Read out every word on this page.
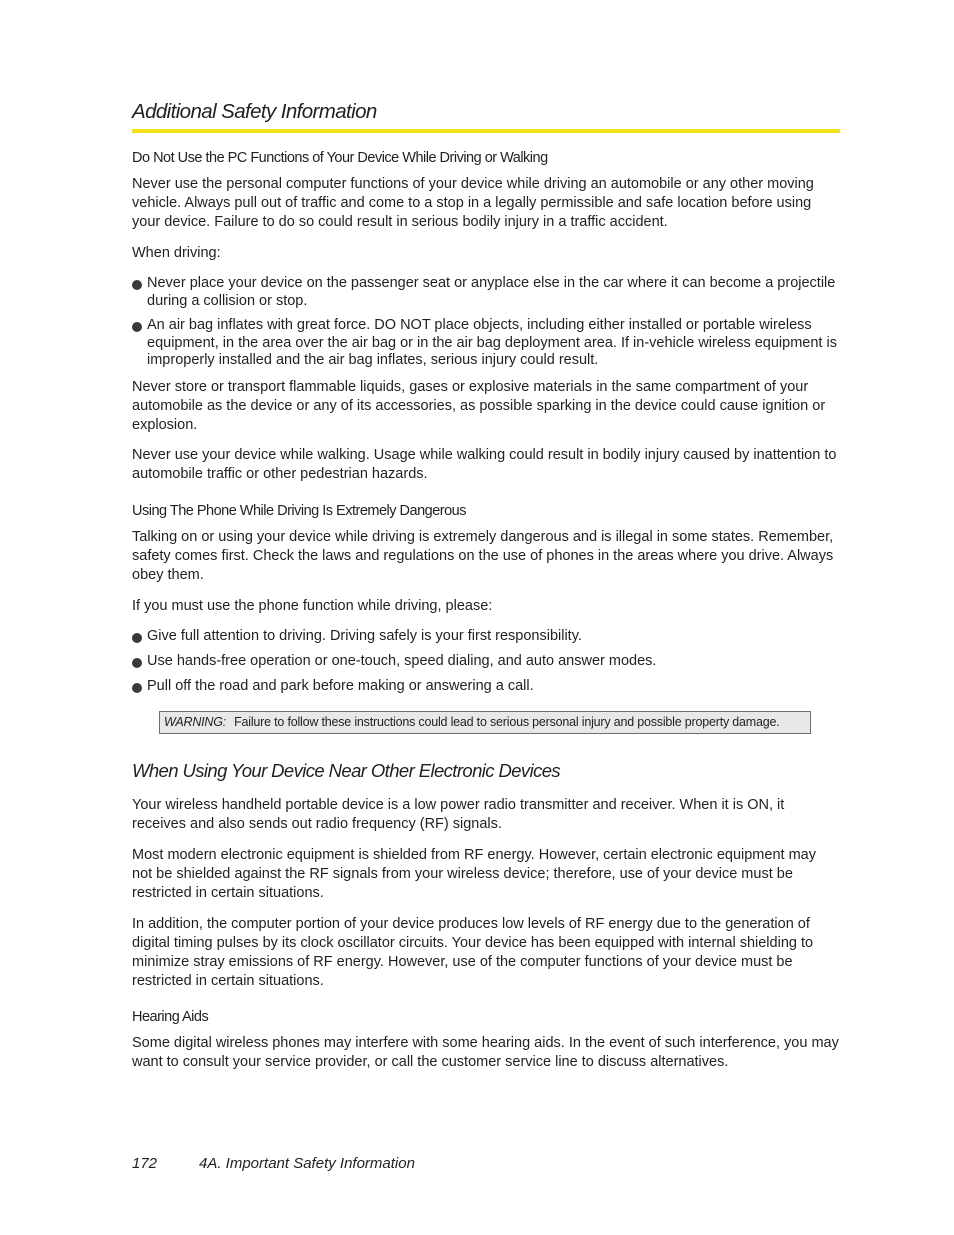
Additional Safety Information
Do Not Use the PC Functions of Your Device While Driving or Walking

Never use the personal computer functions of your device while driving an automobile or any other moving vehicle. Always pull out of traffic and come to a stop in a legally permissible and safe location before using your device. Failure to do so could result in serious bodily injury in a traffic accident.

When driving:

Never place your device on the passenger seat or anyplace else in the car where it can become a projectile during a collision or stop.
An air bag inflates with great force. DO NOT place objects, including either installed or portable wireless equipment, in the area over the air bag or in the air bag deployment area. If in-vehicle wireless equipment is improperly installed and the air bag inflates, serious injury could result.

Never store or transport flammable liquids, gases or explosive materials in the same compartment of your automobile as the device or any of its accessories, as possible sparking in the device could cause ignition or explosion.

Never use your device while walking. Usage while walking could result in bodily injury caused by inattention to automobile traffic or other pedestrian hazards.

Using The Phone While Driving Is Extremely Dangerous

Talking on or using your device while driving is extremely dangerous and is illegal in some states. Remember, safety comes first. Check the laws and regulations on the use of phones in the areas where you drive. Always obey them.

If you must use the phone function while driving, please:

Give full attention to driving. Driving safely is your first responsibility.
Use hands-free operation or one-touch, speed dialing, and auto answer modes.
Pull off the road and park before making or answering a call.
WARNING: Failure to follow these instructions could lead to serious personal injury and possible property damage.
When Using Your Device Near Other Electronic Devices

Your wireless handheld portable device is a low power radio transmitter and receiver. When it is ON, it receives and also sends out radio frequency (RF) signals.

Most modern electronic equipment is shielded from RF energy. However, certain electronic equipment may not be shielded against the RF signals from your wireless device; therefore, use of your device must be restricted in certain situations.

In addition, the computer portion of your device produces low levels of RF energy due to the generation of digital timing pulses by its clock oscillator circuits. Your device has been equipped with internal shielding to minimize stray emissions of RF energy. However, use of the computer functions of your device must be restricted in certain situations.

Hearing Aids

Some digital wireless phones may interfere with some hearing aids. In the event of such interference, you may want to consult your service provider, or call the customer service line to discuss alternatives.

172	4A. Important Safety Information
